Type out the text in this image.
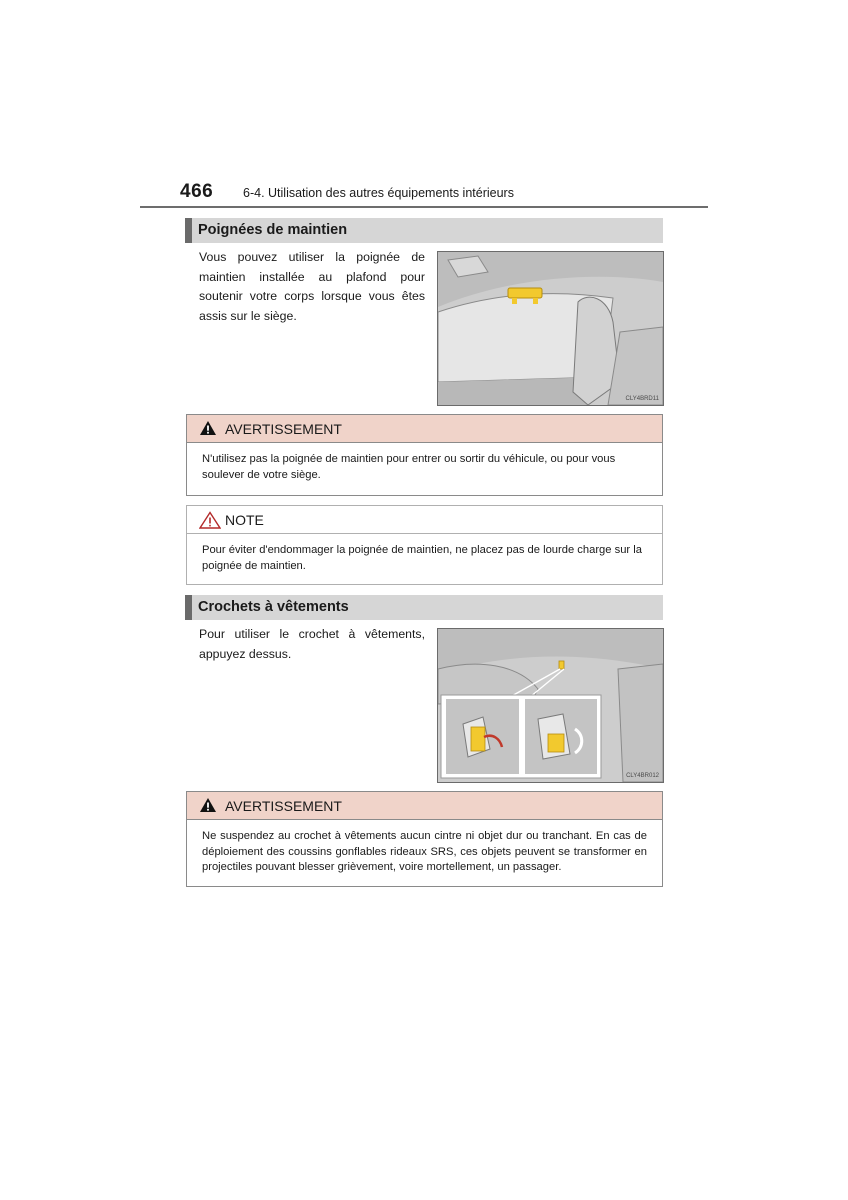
466 6-4. Utilisation des autres équipements intérieurs
Poignées de maintien
Vous pouvez utiliser la poignée de maintien installée au plafond pour soutenir votre corps lorsque vous êtes assis sur le siège.
CLY4BRD11
AVERTISSEMENT
N'utilisez pas la poignée de maintien pour entrer ou sortir du véhicule, ou pour vous soulever de votre siège.
NOTE
Pour éviter d'endommager la poignée de maintien, ne placez pas de lourde charge sur la poignée de maintien.
Crochets à vêtements
Pour utiliser le crochet à vêtements, appuyez dessus.
CLY4BR012
AVERTISSEMENT
Ne suspendez au crochet à vêtements aucun cintre ni objet dur ou tranchant. En cas de déploiement des coussins gonflables rideaux SRS, ces objets peuvent se transformer en projectiles pouvant blesser grièvement, voire mortellement, un passager.
